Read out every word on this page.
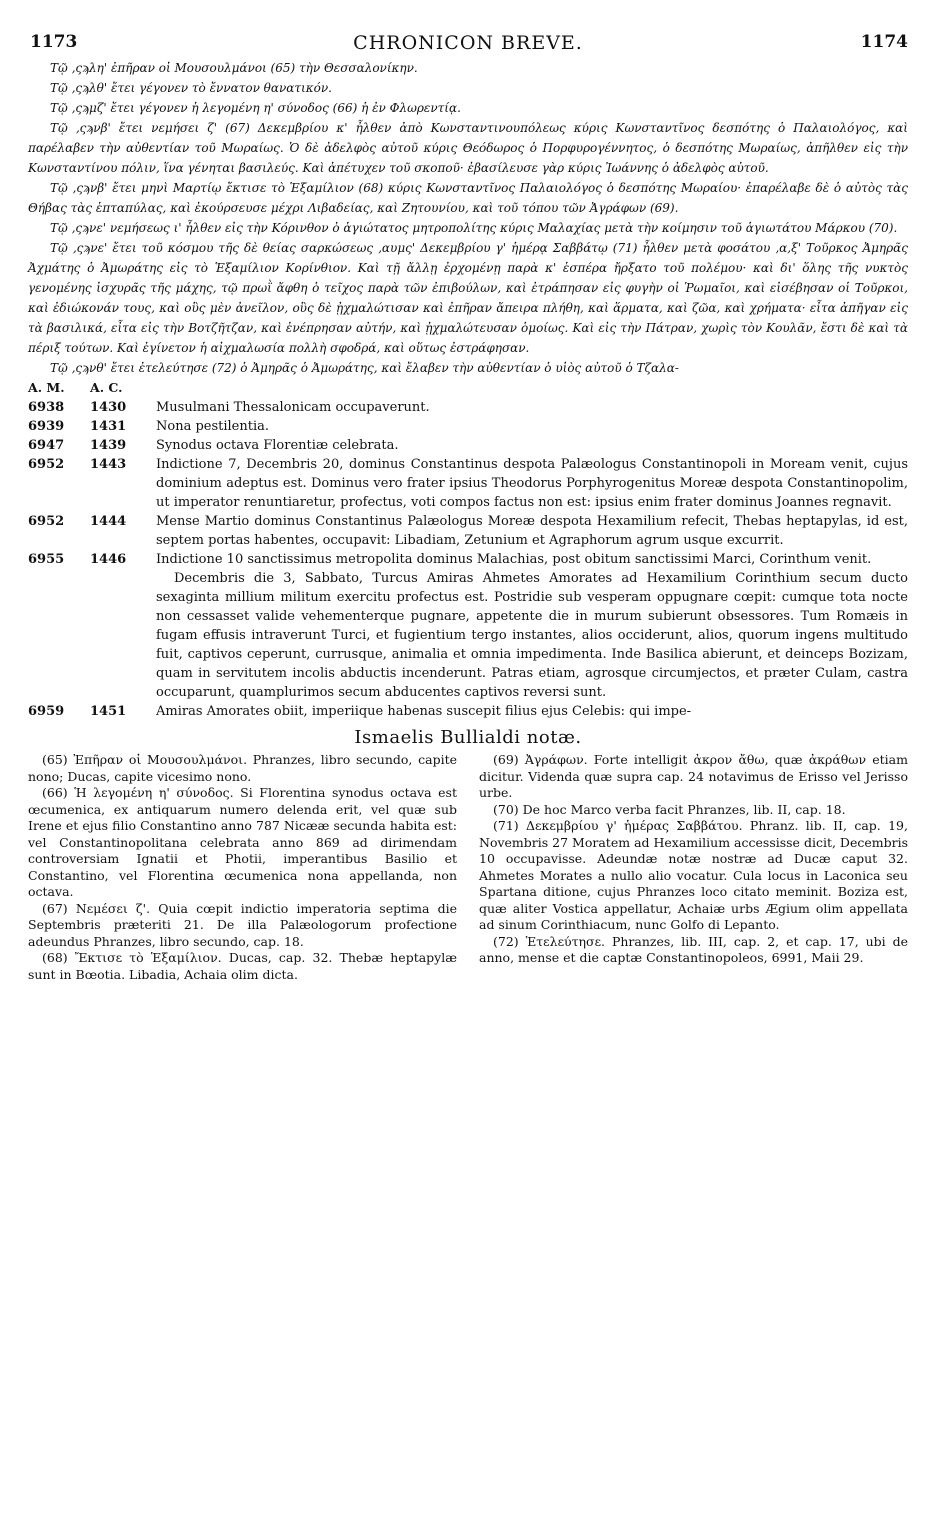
1173	CHRONICON BREVE.	1174

Τῷ ‚ςϡλη' ἐπῆραν οἱ Μουσουλμάνοι (65) τὴν Θεσσαλονίκην.

Τῷ ‚ςϡλθ' ἔτει γέγονεν τὸ ἔννατον θανατικόν.

Τῷ ‚ςϡμζ' ἔτει γέγονεν ἡ λεγομένη η' σύνοδος (66) ἡ ἐν Φλωρεντίᾳ.

Τῷ ‚ςϡνβ' ἔτει νεμήσει ζ' (67) Δεκεμβρίου κ' ἦλθεν ἀπὸ Κωνσταντινουπόλεως κύρις Κωνσταντῖνος δεσπότης ὁ Παλαιολόγος, καὶ παρέλαβεν τὴν αὐθεντίαν τοῦ Μωραίως. Ὁ δὲ ἀδελφὸς αὐτοῦ κύρις Θεόδωρος ὁ Πορφυρογέννητος, ὁ δεσπότης Μωραίως, ἀπῆλθεν εἰς τὴν Κωνσταντίνου πόλιν, ἵνα γένηται βασιλεύς. Καὶ ἀπέτυχεν τοῦ σκοποῦ· ἐβασίλευσε γὰρ κύρις Ἰωάννης ὁ ἀδελφὸς αὐτοῦ.

Τῷ ‚ςϡνβ' ἔτει μηνὶ Μαρτίῳ ἔκτισε τὸ Ἑξαμίλιον (68) κύρις Κωνσταντῖνος Παλαιολόγος ὁ δεσπότης Μωραίου· ἐπαρέλαβε δὲ ὁ αὐτὸς τὰς Θήβας τὰς ἑπταπύλας, καὶ ἐκούρσευσε μέχρι Λιβαδείας, καὶ Ζητουνίου, καὶ τοῦ τόπου τῶν Ἀγράφων (69).

Τῷ ‚ςϡνε' νεμήσεως ι' ἦλθεν εἰς τὴν Κόρινθον ὁ ἁγιώτατος μητροπολίτης κύρις Μαλαχίας μετὰ τὴν κοίμησιν τοῦ ἁγιωτάτου Μάρκου (70).

Τῷ ‚ςϡνε' ἔτει τοῦ κόσμου τῆς δὲ θείας σαρκώσεως ‚αυμς' Δεκεμβρίου γ' ἡμέρᾳ Σαββάτῳ (71) ἦλθεν μετὰ φοσάτου ‚α,ξ' Τοῦρκος Ἀμηρᾶς Ἀχμάτης ὁ Ἀμωράτης εἰς τὸ Ἑξαμίλιον Κορίνθιον. Καὶ τῇ ἄλλῃ ἐρχομένῃ παρὰ κ' ἑσπέρα ἤρξατο τοῦ πολέμου· καὶ δι' ὅλης τῆς νυκτὸς γενομένης ἰσχυρᾶς τῆς μάχης, τῷ πρωῒ ἄφθη ὁ τεῖχος παρὰ τῶν ἐπιβούλων, καὶ ἐτράπησαν εἰς φυγὴν οἱ Ῥωμαῖοι, καὶ εἰσέβησαν οἱ Τοῦρκοι, καὶ ἐδιώκονάν τους, καὶ οὓς μὲν ἀνεῖλον, οὓς δὲ ᾐχμαλώτισαν καὶ ἐπῆραν ἄπειρα πλήθη, καὶ ἅρματα, καὶ ζῶα, καὶ χρήματα· εἶτα ἀπῆγαν εἰς τὰ βασιλικά, εἶτα εἰς τὴν Βοτζῆτζαν, καὶ ἐνέπρησαν αὐτήν, καὶ ᾐχμαλώτευσαν ὁμοίως. Καὶ εἰς τὴν Πάτραν, χωρὶς τὸν Κουλᾶν, ἔστι δὲ καὶ τὰ πέριξ τούτων. Καὶ ἐγίνετον ἡ αἰχμαλωσία πολλὴ σφοδρά, καὶ οὕτως ἐστράφησαν.

Τῷ ‚ςϡνθ' ἔτει ἐτελεύτησε (72) ὁ Ἀμηρᾶς ὁ Ἀμωράτης, καὶ ἔλαβεν τὴν αὐθεντίαν ὁ υἱὸς αὐτοῦ ὁ Τζαλα-

A. M. A. C.
6938	1430	Musulmani Thessalonicam occupaverunt.

6939	1431	Nona pestilentia.

6947	1439	Synodus octava Florentiæ celebrata.

6952	1443	Indictione 7, Decembris 20, dominus Constantinus despota Palæologus Constantinopoli in Moream venit, cujus dominium adeptus est. Dominus vero frater ipsius Theodorus Porphyrogenitus Moreæ despota Constantinopolim, ut imperator renuntiaretur, profectus, voti compos factus non est: ipsius enim frater dominus Joannes regnavit.

6952	1444	Mense Martio dominus Constantinus Palæologus Moreæ despota Hexamilium refecit, Thebas heptapylas, id est, septem portas habentes, occupavit: Libadiam, Zetunium et Agraphorum agrum usque excurrit.

6955	1446	Indictione 10 sanctissimus metropolita dominus Malachias, post obitum sanctissimi Marci, Corinthum venit.

Decembris die 3, Sabbato, Turcus Amiras Ahmetes Amorates ad Hexamilium Corinthium secum ducto sexaginta millium militum exercitu profectus est. Postridie sub vesperam oppugnare cœpit: cumque tota nocte non cessasset valide vehementerque pugnare, appetente die in murum subierunt obsessores. Tum Romæis in fugam effusis intraverunt Turci, et fugientium tergo instantes, alios occiderunt, alios, quorum ingens multitudo fuit, captivos ceperunt, currusque, animalia et omnia impedimenta. Inde Basilica abierunt, et deinceps Bozizam, quam in servitutem incolis abductis incenderunt. Patras etiam, agrosque circumjectos, et præter Culam, castra occuparunt, quamplurimos secum abducentes captivos reversi sunt.

6959	1451	Amiras Amorates obiit, imperiique habenas suscepit filius ejus Celebis: qui impe-

Ismaelis Bullialdi notæ.

(65) Ἐπῆραν οἱ Μουσουλμάνοι. Phranzes, libro secundo, capite nono; Ducas, capite vicesimo nono.

(66) Ἡ λεγομένη η' σύνοδος. Si Florentina synodus octava est œcumenica, ex antiquarum numero delenda erit, vel quæ sub Irene et ejus filio Constantino anno 787 Nicææ secunda habita est: vel Constantinopolitana celebrata anno 869 ad dirimendam controversiam Ignatii et Photii, imperantibus Basilio et Constantino, vel Florentina œcumenica nona appellanda, non octava.

(67) Νεμέσει ζ'. Quia cœpit indictio imperatoria septima die Septembris præteriti 21. De illa Palæologorum profectione adeundus Phranzes, libro secundo, cap. 18.

(68) Ἔκτισε τὸ Ἑξαμίλιον. Ducas, cap. 32. Thebæ heptapylæ sunt in Bœotia. Libadia, Achaia olim dicta.

(69) Ἀγράφων. Forte intelligit ἀκρον ἄθω, quæ ἀκράθων etiam dicitur. Videnda quæ supra cap. 24 notavimus de Erisso vel Jerisso urbe.

(70) De hoc Marco verba facit Phranzes, lib. II, cap. 18.

(71) Δεκεμβρίου γ' ἡμέρας Σαββάτου. Phranz. lib. II, cap. 19, Novembris 27 Moratem ad Hexamilium accessisse dicit, Decembris 10 occupavisse. Adeundæ notæ nostræ ad Ducæ caput 32. Ahmetes Morates a nullo alio vocatur. Cula locus in Laconica seu Spartana ditione, cujus Phranzes loco citato meminit. Boziza est, quæ aliter Vostica appellatur, Achaiæ urbs Ægium olim appellata ad sinum Corinthiacum, nunc Golfo di Lepanto.

(72) Ἐτελεύτησε. Phranzes, lib. III, cap. 2, et cap. 17, ubi de anno, mense et die captæ Constantinopoleos, 6991, Maii 29.
